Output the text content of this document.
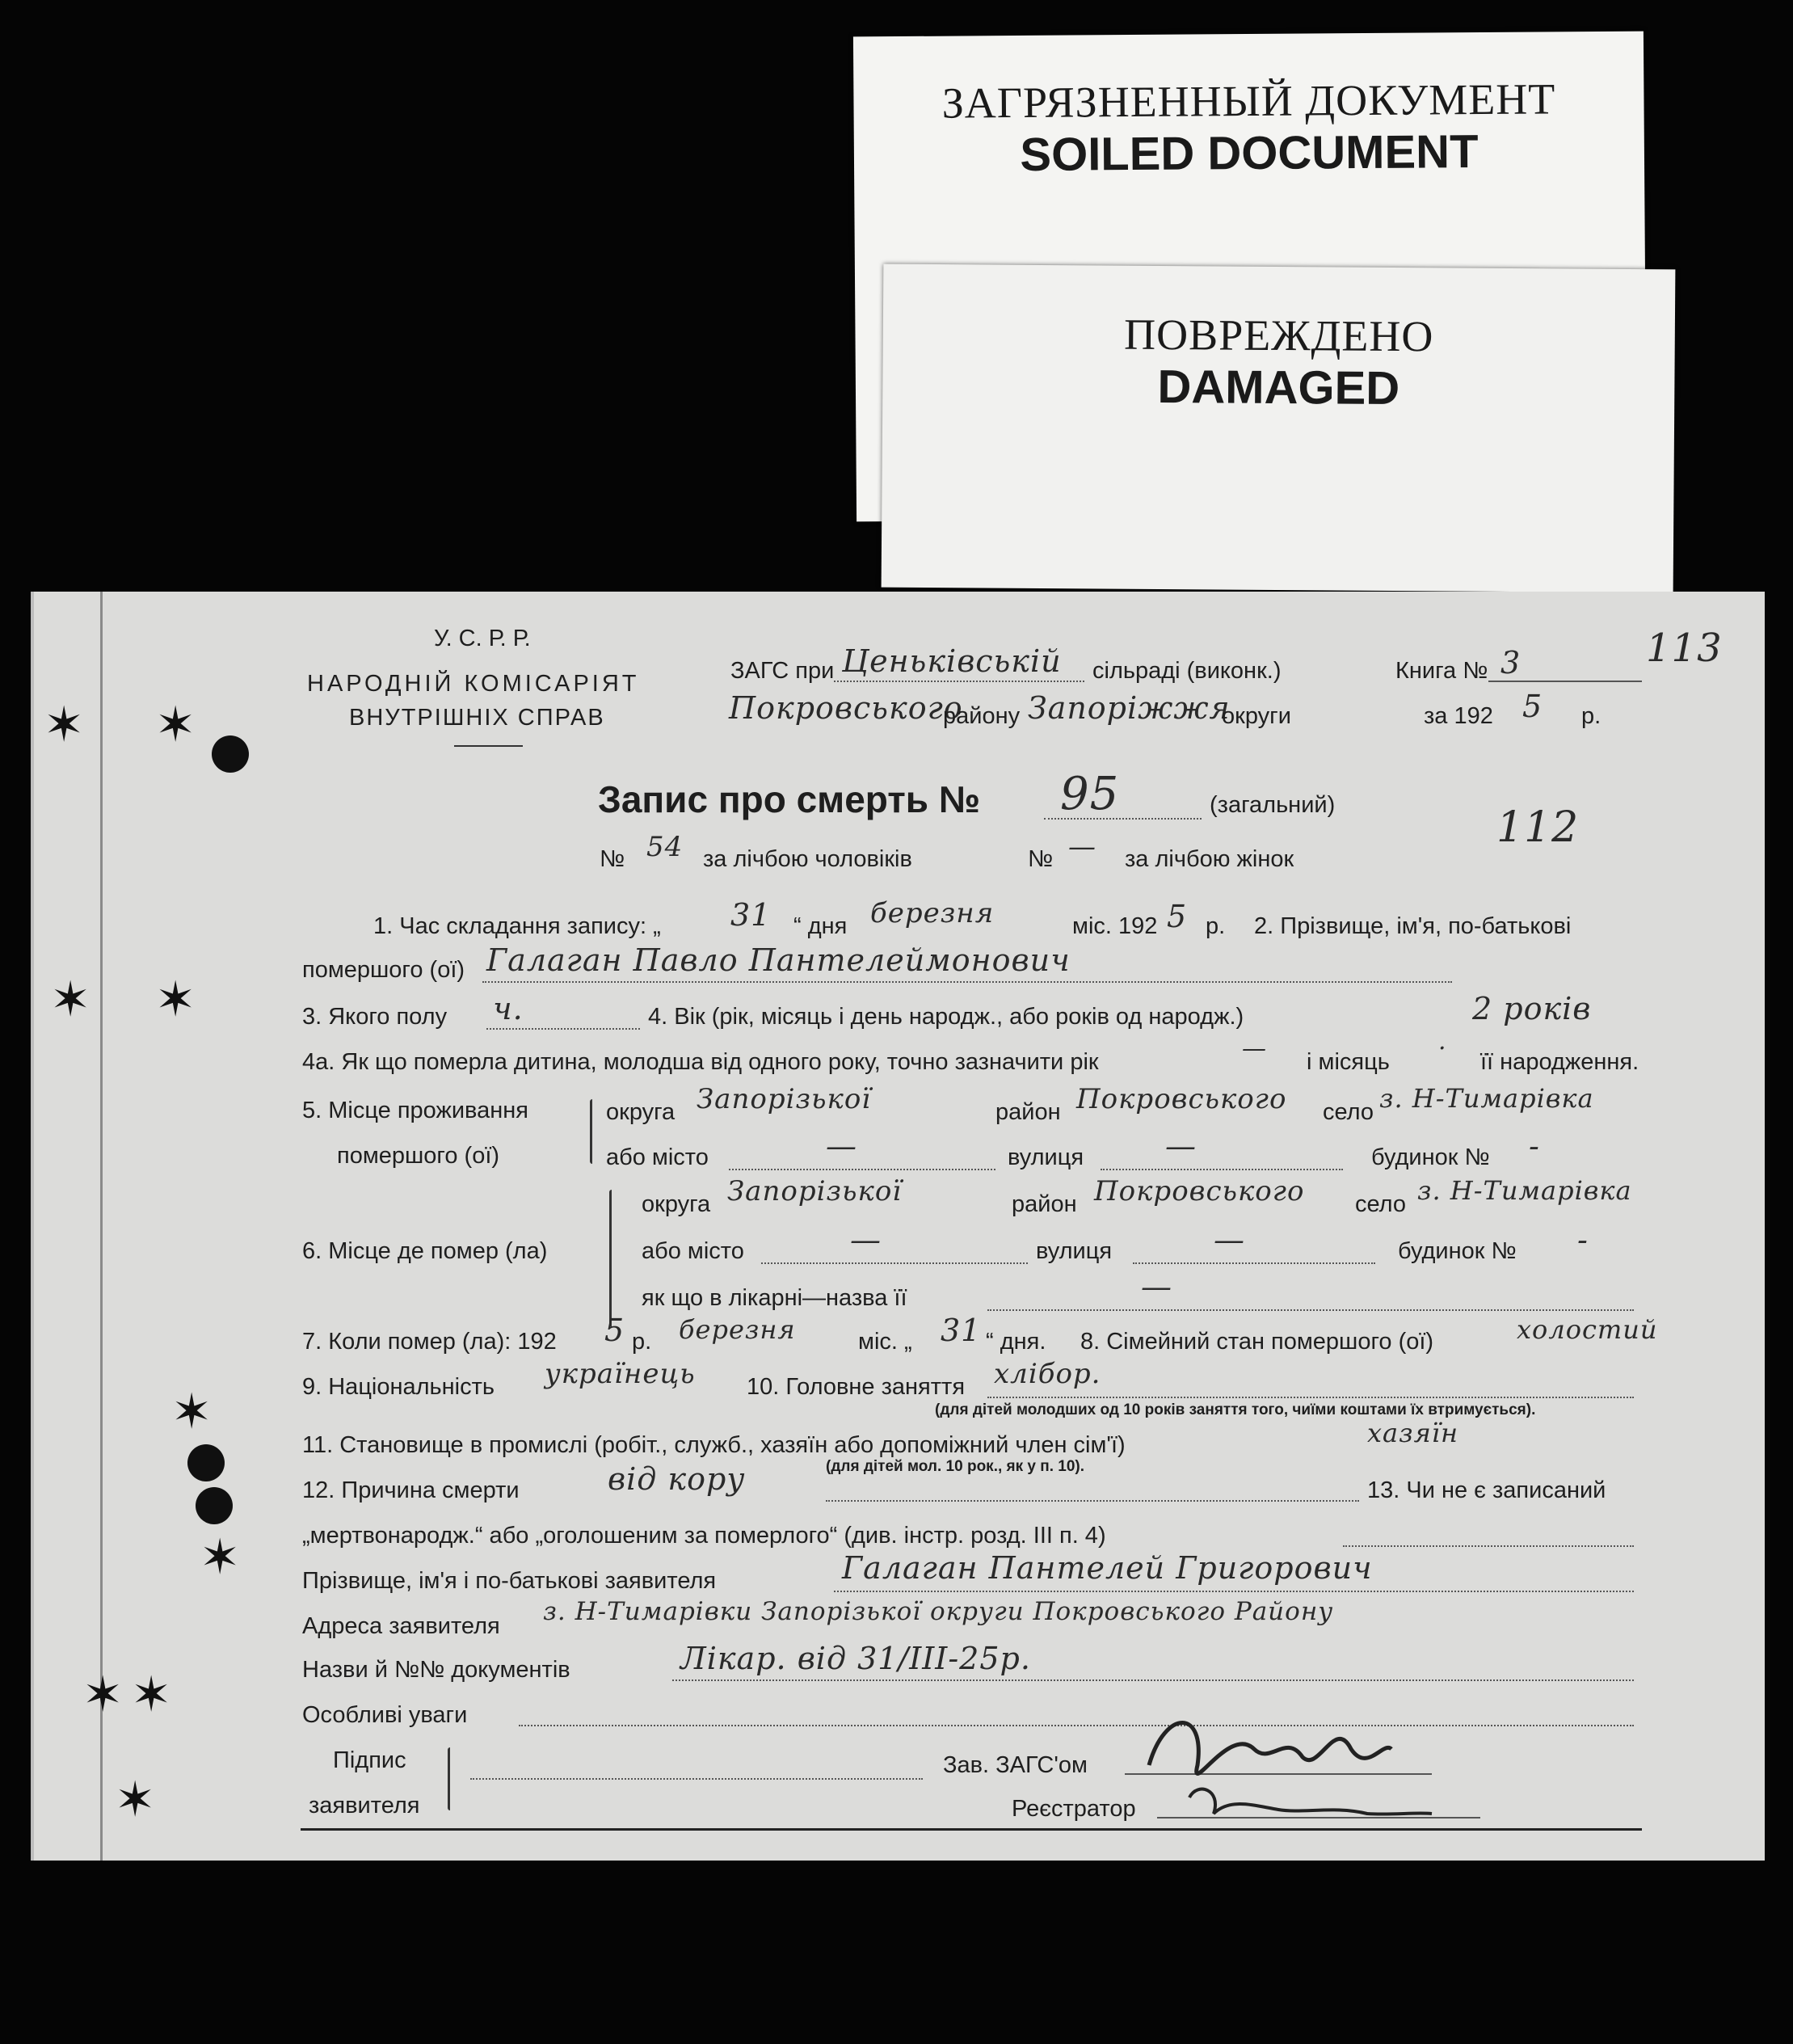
ЗАГРЯЗНЕННЫЙ ДОКУМЕНТ
SOILED DOCUMENT
ПОВРЕЖДЕНО
DAMAGED
✶ ✶
✶ ✶
✶
✶
✶ ✶
✶
У. С. Р. Р.
НАРОДНІЙ КОМІСАРІЯТ
ВНУТРІШНІХ СПРАВ
ЗАГС при Ценьківській сільраді (виконк.)	Книга № 3	113
Покровського
району Запоріжжя
округи	за 192 5 р.
Запис про смерть № 95	(загальний)	112
№ 54 за лічбою чоловіків	№ — за лічбою жінок
1. Час складання запису: „ 31 “ дня березня	міс. 192 5 р. 2. Прізвище, ім'я, по-батькові
помершого (ої) Галаган Павло Пантелеймонович
3. Якого полу ч.	4. Вік (рік, місяць і день народж., або років од народж.)	2 років
4а. Як що померла дитина, молодша від одного року, точно зазначити рік	— і місяць · її народження.
5. Місце проживання
помершого (ої)
округа Запорізької	район Покровського село з. Н-Тимарівка
або місто	—	вулиця	—	будинок № -
6. Місце де помер (ла)
округа Запорізької	район Покровського село з. Н-Тимарівка
або місто	—	вулиця	—	будинок № -
як що в лікарні—назва її	—
7. Коли помер (ла): 192 5 р. березня	міс. „ 31 “ дня. 8. Сімейний стан помершого (ої)	холостий
9. Національність українець 10. Головне заняття хлібор.
(для дітей молодших од 10 років заняття того, чиїми коштами їх втримується).
11. Становище в промислі (робіт., служб., хазяїн або допоміжний член сім'ї)	хазяїн
12. Причина смерти	від кору	(для дітей мол. 10 рок., як у п. 10).
13. Чи не є записаний
„мертвонародж.“ або „оголошеним за померлого“ (див. інстр. розд. III п. 4)
Прізвище, ім'я і по-батькові заявителя	Галаган Пантелей Григорович
Адреса заявителя з. Н-Тимарівки Запорізької округи Покровського Району
Назви й №№ документів	Лікар. від 31/III-25р.
Особливі уваги
Підпис
заявителя
Зав. ЗАГС'ом
Реєстратор
